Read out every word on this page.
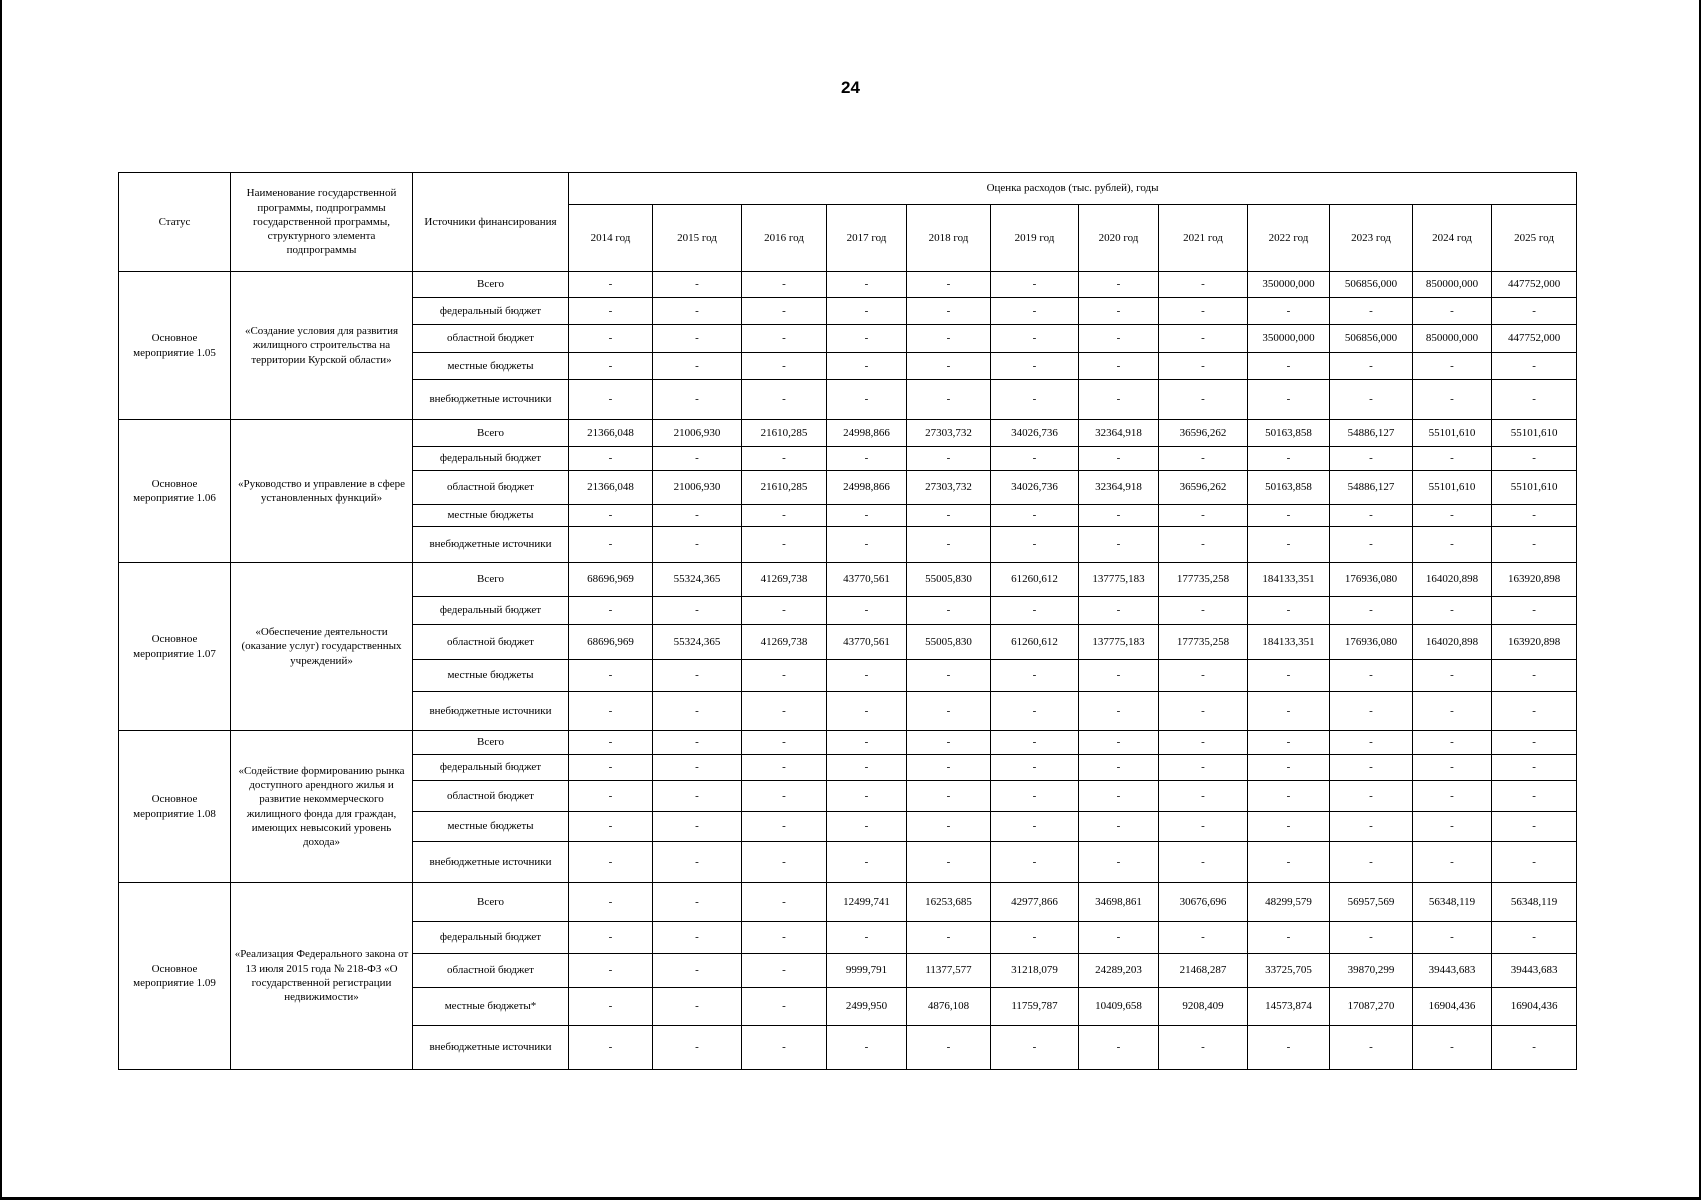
24
Статус	Наименование государственной программы, подпрограммы государственной программы, структурного элемента подпрограммы	Источники финансирования	Оценка расходов (тыс. рублей), годы											
			2014 год	2015 год	2016 год	2017 год	2018 год	2019 год	2020 год	2021 год	2022 год	2023 год	2024 год	2025 год
Основное мероприятие 1.05	«Создание условия для развития жилищного строительства на территории Курской области»	Всего	-	-	-	-	-	-	-	-	350000,000	506856,000	850000,000	447752,000
		федеральный бюджет	-	-	-	-	-	-	-	-	-	-	-	-
		областной бюджет	-	-	-	-	-	-	-	-	350000,000	506856,000	850000,000	447752,000
		местные бюджеты	-	-	-	-	-	-	-	-	-	-	-	-
		внебюджетные источники	-	-	-	-	-	-	-	-	-	-	-	-
Основное мероприятие 1.06	«Руководство и управление в сфере установленных функций»	Всего	21366,048	21006,930	21610,285	24998,866	27303,732	34026,736	32364,918	36596,262	50163,858	54886,127	55101,610	55101,610
		федеральный бюджет	-	-	-	-	-	-	-	-	-	-	-	-
		областной бюджет	21366,048	21006,930	21610,285	24998,866	27303,732	34026,736	32364,918	36596,262	50163,858	54886,127	55101,610	55101,610
		местные бюджеты	-	-	-	-	-	-	-	-	-	-	-	-
		внебюджетные источники	-	-	-	-	-	-	-	-	-	-	-	-
Основное мероприятие 1.07	«Обеспечение деятельности (оказание услуг) государственных учреждений»	Всего	68696,969	55324,365	41269,738	43770,561	55005,830	61260,612	137775,183	177735,258	184133,351	176936,080	164020,898	163920,898
		федеральный бюджет	-	-	-	-	-	-	-	-	-	-	-	-
		областной бюджет	68696,969	55324,365	41269,738	43770,561	55005,830	61260,612	137775,183	177735,258	184133,351	176936,080	164020,898	163920,898
		местные бюджеты	-	-	-	-	-	-	-	-	-	-	-	-
		внебюджетные источники	-	-	-	-	-	-	-	-	-	-	-	-
Основное мероприятие 1.08	«Содействие формированию рынка доступного арендного жилья и развитие некоммерческого жилищного фонда для граждан, имеющих невысокий уровень дохода»	Всего	-	-	-	-	-	-	-	-	-	-	-	-
		федеральный бюджет	-	-	-	-	-	-	-	-	-	-	-	-
		областной бюджет	-	-	-	-	-	-	-	-	-	-	-	-
		местные бюджеты	-	-	-	-	-	-	-	-	-	-	-	-
		внебюджетные источники	-	-	-	-	-	-	-	-	-	-	-	-
Основное мероприятие 1.09	«Реализация Федерального закона от 13 июля 2015 года № 218-ФЗ «О государственной регистрации недвижимости»	Всего	-	-	-	12499,741	16253,685	42977,866	34698,861	30676,696	48299,579	56957,569	56348,119	56348,119
		федеральный бюджет	-	-	-	-	-	-	-	-	-	-	-	-
		областной бюджет	-	-	-	9999,791	11377,577	31218,079	24289,203	21468,287	33725,705	39870,299	39443,683	39443,683
		местные бюджеты*	-	-	-	2499,950	4876,108	11759,787	10409,658	9208,409	14573,874	17087,270	16904,436	16904,436
		внебюджетные источники	-	-	-	-	-	-	-	-	-	-	-	-
